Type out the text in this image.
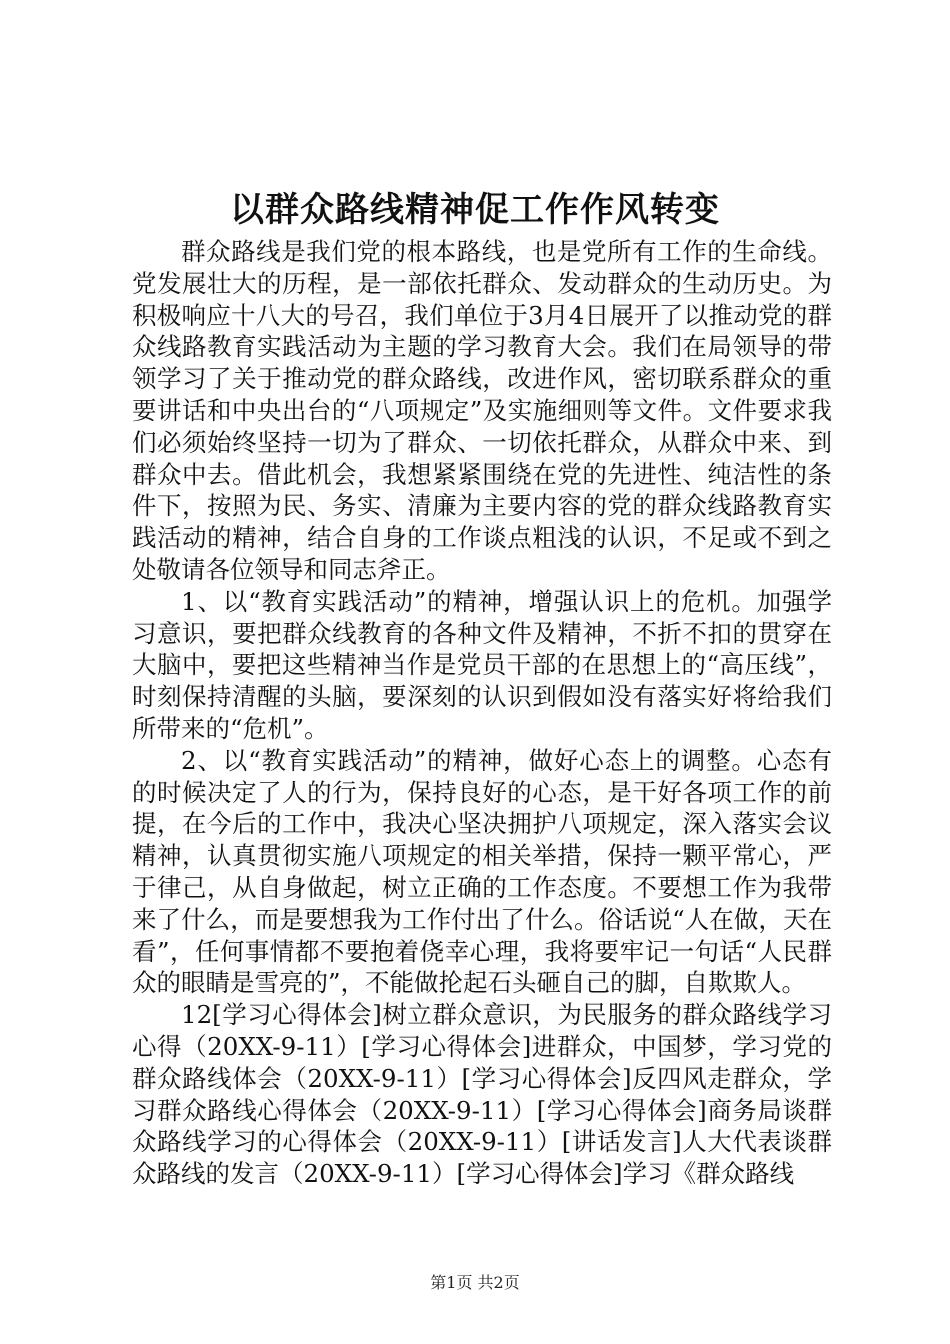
以群众路线精神促工作作风转变

群众路线是我们党的根本路线，也是党所有工作的生命线。党发展壮大的历程，是一部依托群众、发动群众的生动历史。为积极响应十八大的号召，我们单位于3月4日展开了以推动党的群众线路教育实践活动为主题的学习教育大会。我们在局领导的带领学习了关于推动党的群众路线，改进作风，密切联系群众的重要讲话和中央出台的“八项规定”及实施细则等文件。文件要求我们必须始终坚持一切为了群众、一切依托群众，从群众中来、到群众中去。借此机会，我想紧紧围绕在党的先进性、纯洁性的条件下，按照为民、务实、清廉为主要内容的党的群众线路教育实践活动的精神，结合自身的工作谈点粗浅的认识，不足或不到之处敬请各位领导和同志斧正。

1、以“教育实践活动”的精神，增强认识上的危机。加强学习意识，要把群众线教育的各种文件及精神，不折不扣的贯穿在大脑中，要把这些精神当作是党员干部的在思想上的“高压线”，时刻保持清醒的头脑，要深刻的认识到假如没有落实好将给我们所带来的“危机”。

2、以“教育实践活动”的精神，做好心态上的调整。心态有的时候决定了人的行为，保持良好的心态，是干好各项工作的前提，在今后的工作中，我决心坚决拥护八项规定，深入落实会议精神，认真贯彻实施八项规定的相关举措，保持一颗平常心，严于律己，从自身做起，树立正确的工作态度。不要想工作为我带来了什么，而是要想我为工作付出了什么。俗话说“人在做，天在看”，任何事情都不要抱着侥幸心理，我将要牢记一句话“人民群众的眼睛是雪亮的”，不能做抡起石头砸自己的脚，自欺欺人。

12[学习心得体会]树立群众意识，为民服务的群众路线学习心得（20XX-9-11）[学习心得体会]进群众，中国梦，学习党的群众路线体会（20XX-9-11）[学习心得体会]反四风走群众，学习群众路线心得体会（20XX-9-11）[学习心得体会]商务局谈群众路线学习的心得体会（20XX-9-11）[讲话发言]人大代表谈群众路线的发言（20XX-9-11）[学习心得体会]学习《群众路线

第1页 共2页
